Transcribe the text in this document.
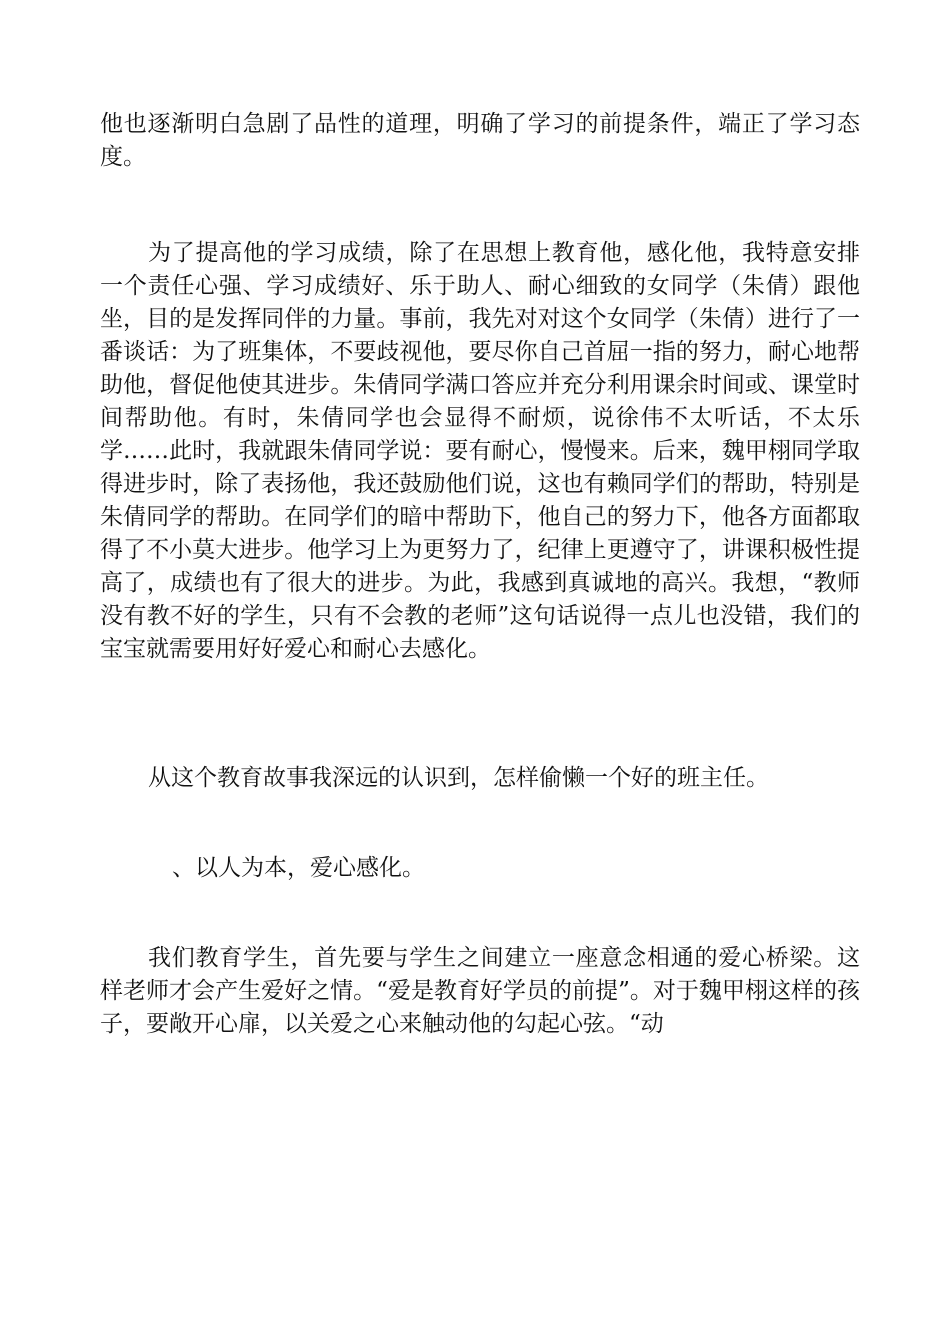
他也逐渐明白急剧了品性的道理，明确了学习的前提条件，端正了学习态度。

为了提高他的学习成绩，除了在思想上教育他，感化他，我特意安排一个责任心强、学习成绩好、乐于助人、耐心细致的女同学（朱倩）跟他坐，目的是发挥同伴的力量。事前，我先对对这个女同学（朱倩）进行了一番谈话：为了班集体，不要歧视他，要尽你自己首屈一指的努力，耐心地帮助他，督促他使其进步。朱倩同学满口答应并充分利用课余时间或、课堂时间帮助他。有时，朱倩同学也会显得不耐烦，说徐伟不太听话，不太乐学……此时，我就跟朱倩同学说：要有耐心，慢慢来。后来，魏甲栩同学取得进步时，除了表扬他，我还鼓励他们说，这也有赖同学们的帮助，特别是朱倩同学的帮助。在同学们的暗中帮助下，他自己的努力下，他各方面都取得了不小莫大进步。他学习上为更努力了，纪律上更遵守了，讲课积极性提高了，成绩也有了很大的进步。为此，我感到真诚地的高兴。我想，“教师没有教不好的学生，只有不会教的老师”这句话说得一点儿也没错，我们的宝宝就需要用好好爱心和耐心去感化。

从这个教育故事我深远的认识到，怎样偷懒一个好的班主任。

、以人为本，爱心感化。

我们教育学生，首先要与学生之间建立一座意念相通的爱心桥梁。这样老师才会产生爱好之情。“爱是教育好学员的前提”。对于魏甲栩这样的孩子，要敞开心扉，以关爱之心来触动他的勾起心弦。“动
